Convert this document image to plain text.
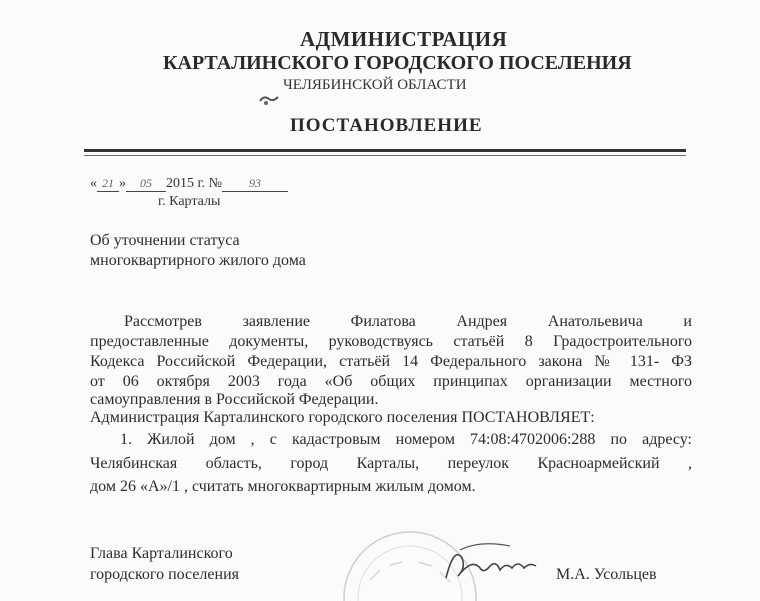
АДМИНИСТРАЦИЯ
КАРТАЛИНСКОГО ГОРОДСКОГО ПОСЕЛЕНИЯ
ЧЕЛЯБИНСКОЙ ОБЛАСТИ
ПОСТАНОВЛЕНИЕ
« 21 » 05 2015 г. № 93
г. Карталы
Об уточнении статуса
многоквартирного жилого дома
Рассмотрев заявление Филатова Андрея Анатольевича и
предоставленные документы, руководствуясь статьёй 8 Градостроительного
Кодекса Российской Федерации, статьёй 14 Федерального закона № 131- ФЗ
от 06 октября 2003 года «Об общих принципах организации местного
самоуправления в Российской Федерации.
Администрация Карталинского городского поселения ПОСТАНОВЛЯЕТ:
1. Жилой дом , с кадастровым номером 74:08:4702006:288 по адресу:
Челябинская область, город Карталы, переулок Красноармейский ,
дом 26 «А»/1 , считать многоквартирным жилым домом.
Глава Карталинского
городского поселения	М.А. Усольцев
